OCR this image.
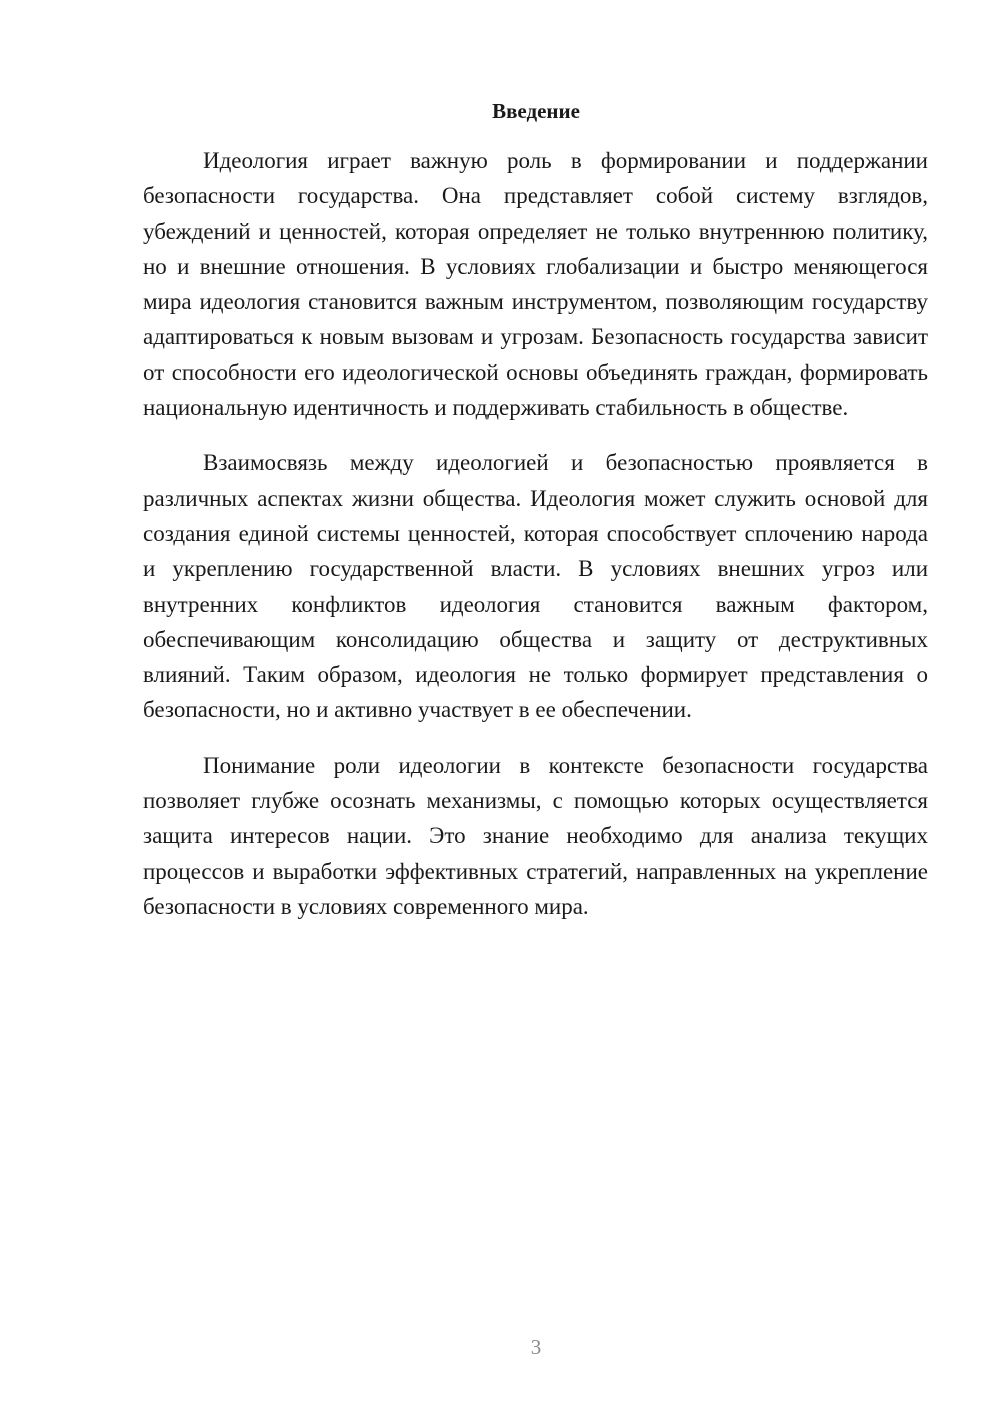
Введение

Идеология играет важную роль в формировании и поддержании безопасности государства. Она представляет собой систему взглядов, убеждений и ценностей, которая определяет не только внутреннюю политику, но и внешние отношения. В условиях глобализации и быстро меняющегося мира идеология становится важным инструментом, позволяющим государству адаптироваться к новым вызовам и угрозам. Безопасность государства зависит от способности его идеологической основы объединять граждан, формировать национальную идентичность и поддерживать стабильность в обществе.

Взаимосвязь между идеологией и безопасностью проявляется в различных аспектах жизни общества. Идеология может служить основой для создания единой системы ценностей, которая способствует сплочению народа и укреплению государственной власти. В условиях внешних угроз или внутренних конфликтов идеология становится важным фактором, обеспечивающим консолидацию общества и защиту от деструктивных влияний. Таким образом, идеология не только формирует представления о безопасности, но и активно участвует в ее обеспечении.

Понимание роли идеологии в контексте безопасности государства позволяет глубже осознать механизмы, с помощью которых осуществляется защита интересов нации. Это знание необходимо для анализа текущих процессов и выработки эффективных стратегий, направленных на укрепление безопасности в условиях современного мира.

3
